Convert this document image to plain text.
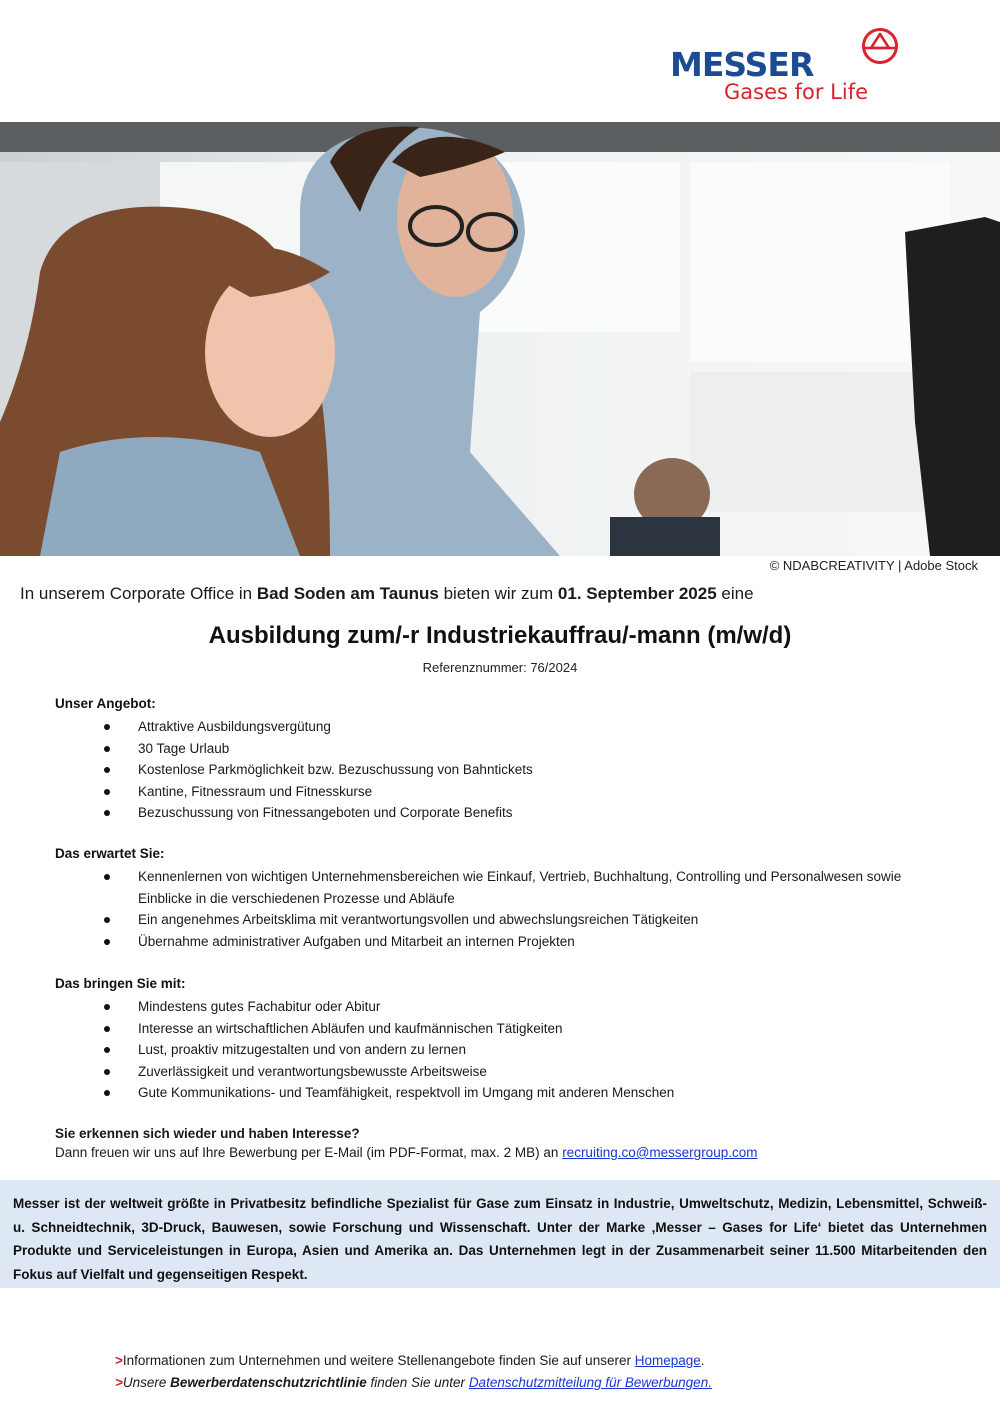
MESSER

Gases for Life

© NDABCREATIVITY | Adobe Stock

In unserem Corporate Office in Bad Soden am Taunus bieten wir zum 01. September 2025 eine

Ausbildung zum/-r Industriekauffrau/-mann (m/w/d)

Referenznummer: 76/2024

Unser Angebot:
Attraktive Ausbildungsvergütung
30 Tage Urlaub
Kostenlose Parkmöglichkeit bzw. Bezuschussung von Bahntickets
Kantine, Fitnessraum und Fitnesskurse
Bezuschussung von Fitnessangeboten und Corporate Benefits
Das erwartet Sie:
Kennenlernen von wichtigen Unternehmensbereichen wie Einkauf, Vertrieb, Buchhaltung, Controlling und Personalwesen sowie Einblicke in die verschiedenen Prozesse und Abläufe
Ein angenehmes Arbeitsklima mit verantwortungsvollen und abwechslungsreichen Tätigkeiten
Übernahme administrativer Aufgaben und Mitarbeit an internen Projekten
Das bringen Sie mit:
Mindestens gutes Fachabitur oder Abitur
Interesse an wirtschaftlichen Abläufen und kaufmännischen Tätigkeiten
Lust, proaktiv mitzugestalten und von andern zu lernen
Zuverlässigkeit und verantwortungsbewusste Arbeitsweise
Gute Kommunikations- und Teamfähigkeit, respektvoll im Umgang mit anderen Menschen
Sie erkennen sich wieder und haben Interesse?

Dann freuen wir uns auf Ihre Bewerbung per E-Mail (im PDF-Format, max. 2 MB) an recruiting.co@messergroup.com

Messer ist der weltweit größte in Privatbesitz befindliche Spezialist für Gase zum Einsatz in Industrie, Umweltschutz, Medizin, Lebensmittel, Schweiß- u. Schneidtechnik, 3D-Druck, Bauwesen, sowie Forschung und Wissenschaft. Unter der Marke ‚Messer – Gases for Life‘ bietet das Unternehmen Produkte und Serviceleistungen in Europa, Asien und Amerika an. Das Unternehmen legt in der Zusammenarbeit seiner 11.500 Mitarbeitenden den Fokus auf Vielfalt und gegenseitigen Respekt.

>Informationen zum Unternehmen und weitere Stellenangebote finden Sie auf unserer Homepage.

>Unsere Bewerberdatenschutzrichtlinie finden Sie unter Datenschutzmitteilung für Bewerbungen.
